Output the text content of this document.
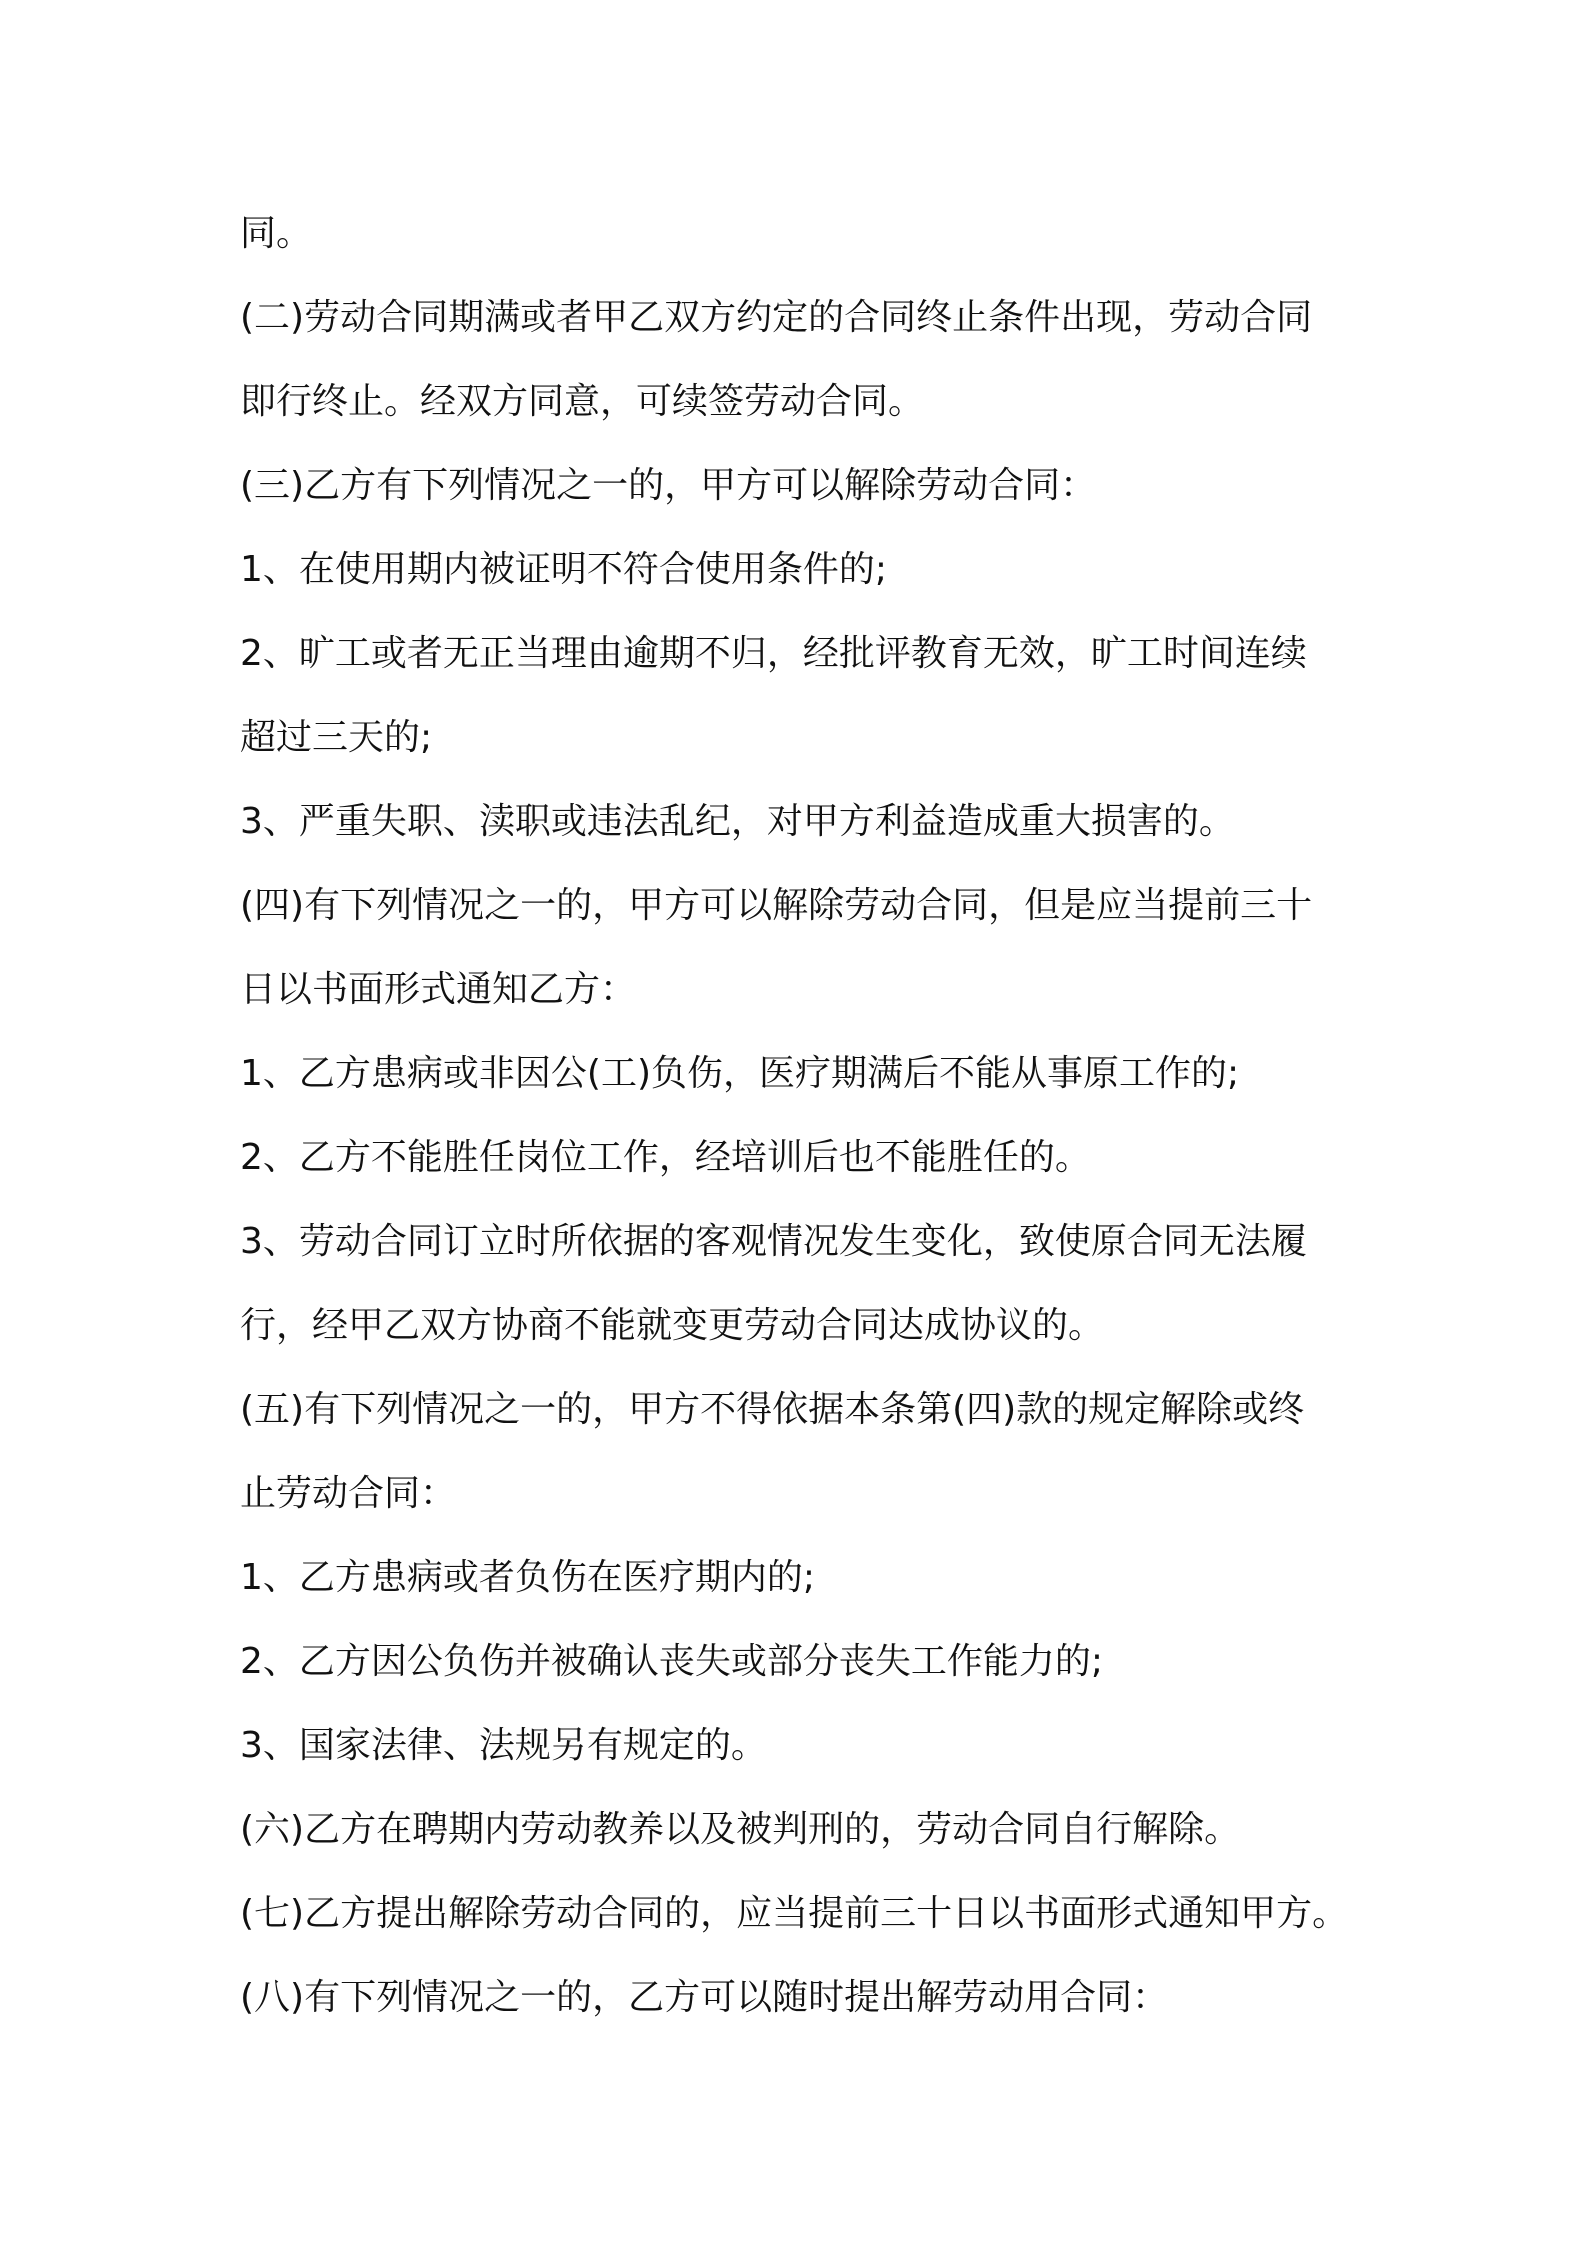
同。
(二)劳动合同期满或者甲乙双方约定的合同终止条件出现，劳动合同
即行终止。经双方同意，可续签劳动合同。
(三)乙方有下列情况之一的，甲方可以解除劳动合同：
1、在使用期内被证明不符合使用条件的;
2、旷工或者无正当理由逾期不归，经批评教育无效，旷工时间连续
超过三天的;
3、严重失职、渎职或违法乱纪，对甲方利益造成重大损害的。
(四)有下列情况之一的，甲方可以解除劳动合同，但是应当提前三十
日以书面形式通知乙方：
1、乙方患病或非因公(工)负伤，医疗期满后不能从事原工作的;
2、乙方不能胜任岗位工作，经培训后也不能胜任的。
3、劳动合同订立时所依据的客观情况发生变化，致使原合同无法履
行，经甲乙双方协商不能就变更劳动合同达成协议的。
(五)有下列情况之一的，甲方不得依据本条第(四)款的规定解除或终
止劳动合同：
1、乙方患病或者负伤在医疗期内的;
2、乙方因公负伤并被确认丧失或部分丧失工作能力的;
3、国家法律、法规另有规定的。
(六)乙方在聘期内劳动教养以及被判刑的，劳动合同自行解除。
(七)乙方提出解除劳动合同的，应当提前三十日以书面形式通知甲方。
(八)有下列情况之一的，乙方可以随时提出解劳动用合同：
